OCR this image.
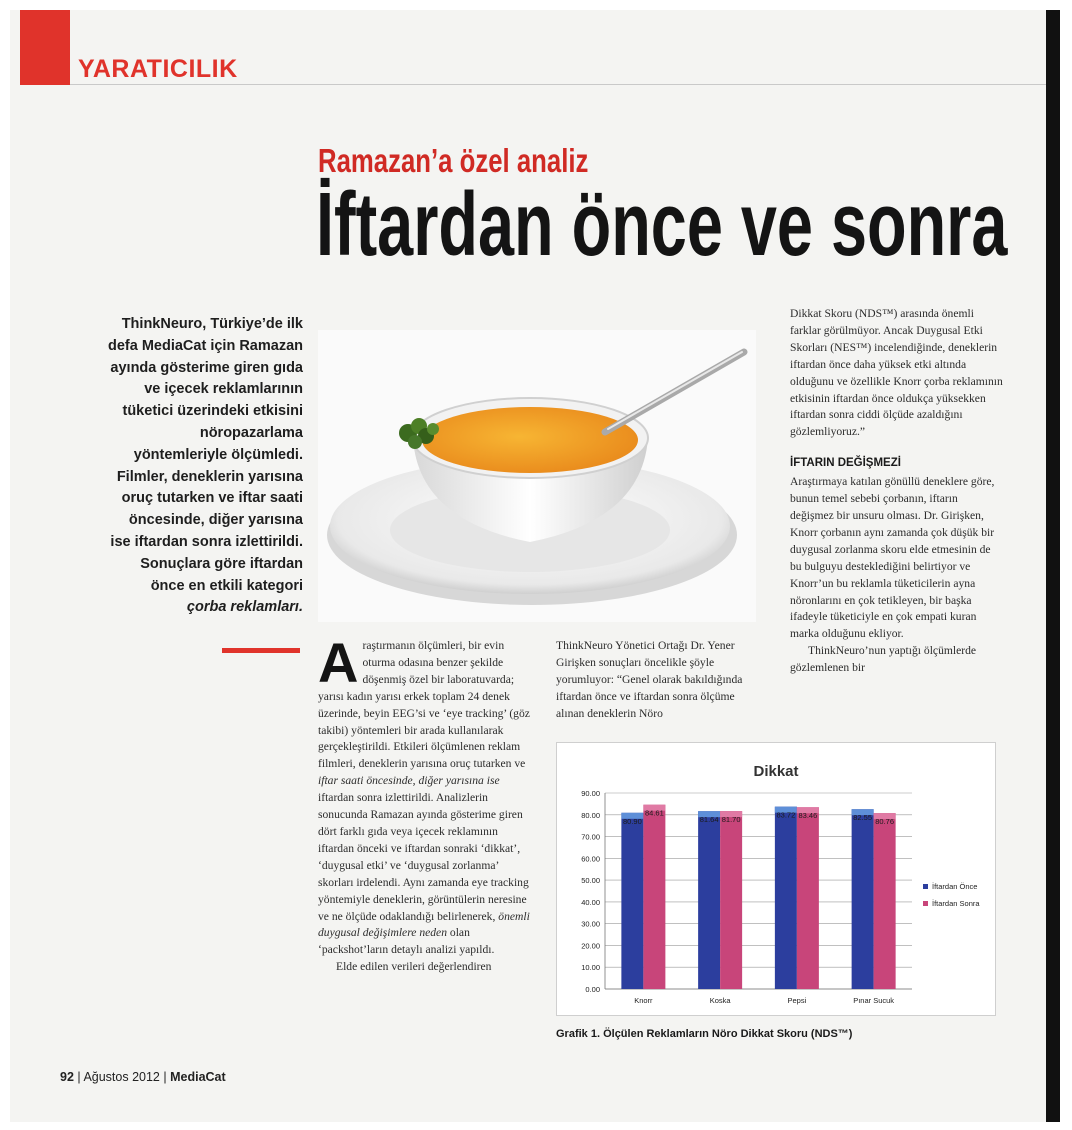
YARATICILIK
Ramazan’a özel analiz
İftardan önce ve sonra
ThinkNeuro, Türkiye’de ilk defa MediaCat için Ramazan ayında gösterime giren gıda ve içecek reklamlarının tüketici üzerindeki etkisini nöropazarlama yöntemleriyle ölçümledi. Filmler, deneklerin yarısına oruç tutarken ve iftar saati öncesinde, diğer yarısına ise iftardan sonra izlettirildi. Sonuçlara göre iftardan önce en etkili kategori çorba reklamları.

Araştırmanın ölçümleri, bir evin oturma odasına benzer şekilde döşenmiş özel bir laboratuvarda; yarısı kadın yarısı erkek toplam 24 denek üzerinde, beyin EEG’si ve ‘eye tracking’ (göz takibi) yöntemleri bir arada kullanılarak gerçekleştirildi. Etkileri ölçümlenen reklam filmleri, deneklerin yarısına oruç tutarken ve iftar saati öncesinde, diğer yarısına ise iftardan sonra izlettirildi. Analizlerin sonucunda Ramazan ayında gösterime giren dört farklı gıda veya içecek reklamının iftardan önceki ve iftardan sonraki ‘dikkat’, ‘duygusal etki’ ve ‘duygusal zorlanma’ skorları irdelendi. Aynı zamanda eye tracking yöntemiyle deneklerin, görüntülerin neresine ve ne ölçüde odaklandığı belirlenerek, önemli duygusal değişimlere neden olan ‘packshot’ların detaylı analizi yapıldı.

Elde edilen verileri değerlendiren

ThinkNeuro Yönetici Ortağı Dr. Yener Girişken sonuçları öncelikle şöyle yorumluyor: “Genel olarak bakıldığında iftardan önce ve iftardan sonra ölçüme alınan deneklerin Nöro

Dikkat Skoru (NDS™) arasında önemli farklar görülmüyor. Ancak Duygusal Etki Skorları (NES™) incelendiğinde, deneklerin iftardan önce daha yüksek etki altında olduğunu ve özellikle Knorr çorba reklamının etkisinin iftardan önce oldukça yüksekken iftardan sonra ciddi ölçüde azaldığını gözlemliyoruz.”

İFTARIN DEĞİŞMEZİ

Araştırmaya katılan gönüllü deneklere göre, bunun temel sebebi çorbanın, iftarın değişmez bir unsuru olması. Dr. Girişken, Knorr çorbanın aynı zamanda çok düşük bir duygusal zorlanma skoru elde etmesinin de bu bulguyu desteklediğini belirtiyor ve Knorr’un bu reklamla tüketicilerin ayna nöronlarını en çok tetikleyen, bir başka ifadeyle tüketiciyle en çok empati kuran marka olduğunu ekliyor.

ThinkNeuro’nun yaptığı ölçümlerde gözlemlenen bir

Dikkat
0.00
10.00
20.00
30.00
40.00
50.00
60.00
70.00
80.00
90.00
80.90
84.61
Knorr
81.64 81.70
Koska
83.72 83.46
Pepsi
82.55 80.76
Pınar Sucuk
İftardan Önce
İftardan Sonra
Grafik 1. Ölçülen Reklamların Nöro Dikkat Skoru (NDS™)
92 | Ağustos 2012 | MediaCat
